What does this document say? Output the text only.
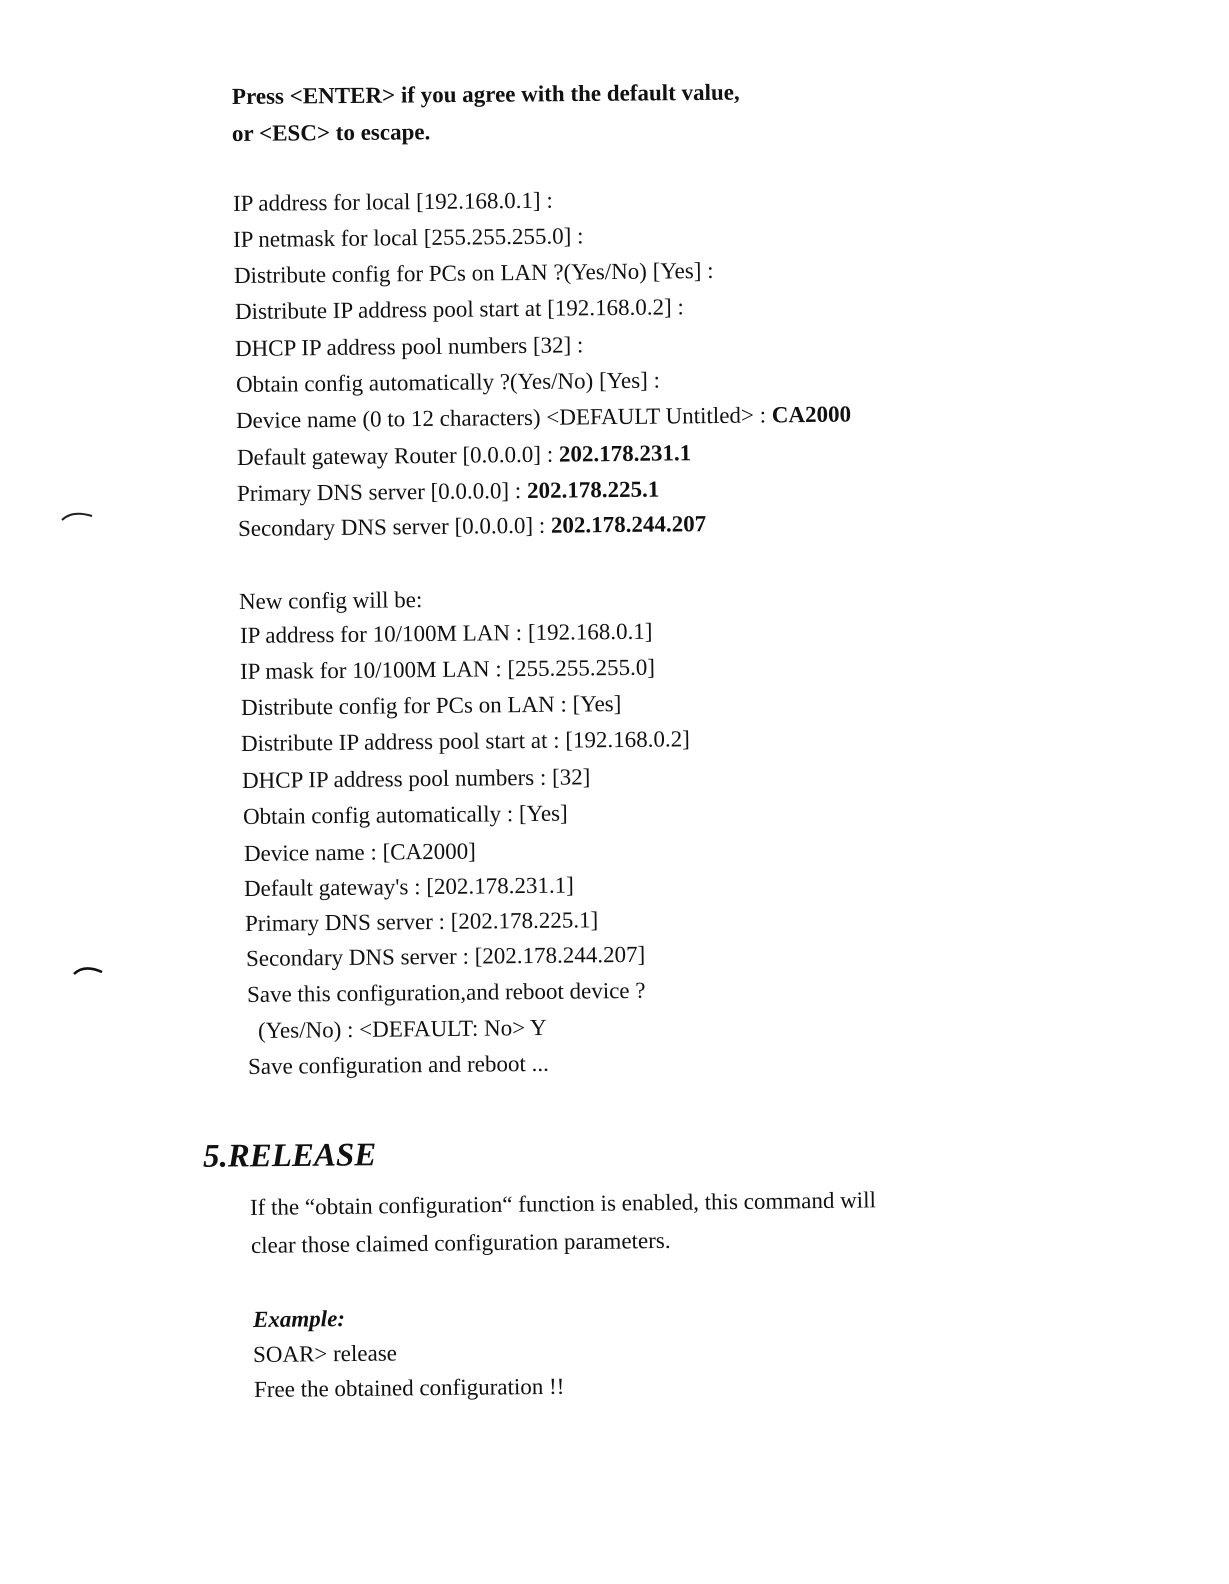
Press <ENTER> if you agree with the default value,
or <ESC> to escape.
IP address for local [192.168.0.1] :
IP netmask for local [255.255.255.0] :
Distribute config for PCs on LAN ?(Yes/No) [Yes] :
Distribute IP address pool start at [192.168.0.2] :
DHCP IP address pool numbers [32] :
Obtain config automatically ?(Yes/No) [Yes] :
Device name (0 to 12 characters) <DEFAULT Untitled> : CA2000
Default gateway Router [0.0.0.0] : 202.178.231.1
Primary DNS server [0.0.0.0] : 202.178.225.1
Secondary DNS server [0.0.0.0] : 202.178.244.207
New config will be:
IP address for 10/100M LAN : [192.168.0.1]
IP mask for 10/100M LAN : [255.255.255.0]
Distribute config for PCs on LAN : [Yes]
Distribute IP address pool start at : [192.168.0.2]
DHCP IP address pool numbers : [32]
Obtain config automatically : [Yes]
Device name : [CA2000]
Default gateway's : [202.178.231.1]
Primary DNS server : [202.178.225.1]
Secondary DNS server : [202.178.244.207]
Save this configuration,and reboot device ?
(Yes/No) : <DEFAULT: No> Y
Save configuration and reboot ...
5.RELEASE
If the “obtain configuration“ function is enabled, this command will
clear those claimed configuration parameters.
Example:
SOAR> release
Free the obtained configuration !!
